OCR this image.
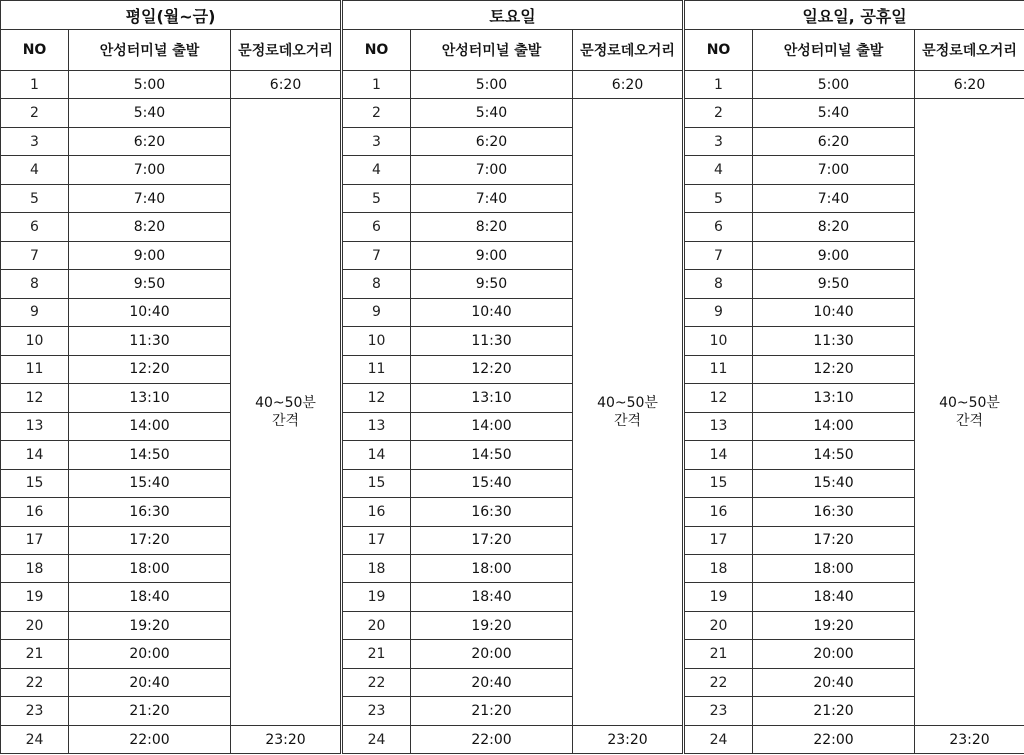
평일(월~금)		
NO	안성터미널 출발	문정로데오거리
1	5:00	6:20
2	5:40	40~50분
간격

3	6:20	
4	7:00	
5	7:40	
6	8:20	
7	9:00	
8	9:50	
9	10:40	
10	11:30	
11	12:20	
12	13:10	
13	14:00	
14	14:50	
15	15:40	
16	16:30	
17	17:20	
18	18:00	
19	18:40	
20	19:20	
21	20:00	
22	20:40	
23	21:20	
24	22:00	23:20
토요일		
NO	안성터미널 출발	문정로데오거리
1	5:00	6:20
2	5:40	40~50분
간격

3	6:20	
4	7:00	
5	7:40	
6	8:20	
7	9:00	
8	9:50	
9	10:40	
10	11:30	
11	12:20	
12	13:10	
13	14:00	
14	14:50	
15	15:40	
16	16:30	
17	17:20	
18	18:00	
19	18:40	
20	19:20	
21	20:00	
22	20:40	
23	21:20	
24	22:00	23:20
일요일, 공휴일		
NO	안성터미널 출발	문정로데오거리
1	5:00	6:20
2	5:40	40~50분
간격

3	6:20	
4	7:00	
5	7:40	
6	8:20	
7	9:00	
8	9:50	
9	10:40	
10	11:30	
11	12:20	
12	13:10	
13	14:00	
14	14:50	
15	15:40	
16	16:30	
17	17:20	
18	18:00	
19	18:40	
20	19:20	
21	20:00	
22	20:40	
23	21:20	
24	22:00	23:20
